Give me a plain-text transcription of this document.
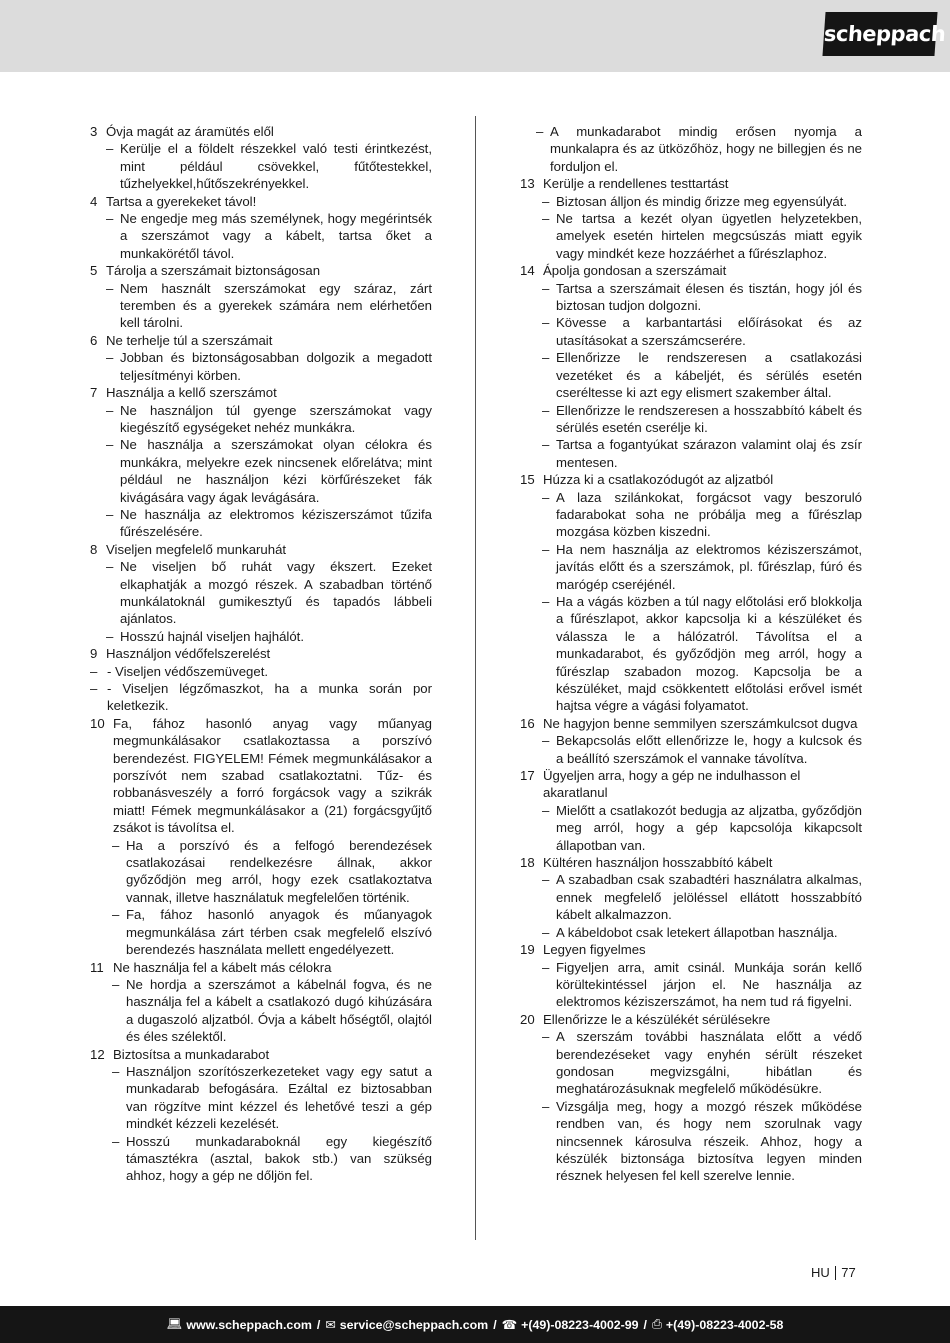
scheppach
3 Óvja magát az áramütés elől
– Kerülje el a földelt részekkel való testi érintkezést, mint például csövekkel, fűtőtestekkel, tűzhelyekkel,hűtőszekrényekkel.
4 Tartsa a gyerekeket távol!
– Ne engedje meg más személynek, hogy megérintsék a szerszámot vagy a kábelt, tartsa őket a munkakörétől távol.
5 Tárolja a szerszámait biztonságosan
– Nem használt szerszámokat egy száraz, zárt teremben és a gyerekek számára nem elérhetően kell tárolni.
6 Ne terhelje túl a szerszámait
– Jobban és biztonságosabban dolgozik a megadott teljesítményi körben.
7 Használja a kellő szerszámot
– Ne használjon túl gyenge szerszámokat vagy kiegészítő egységeket nehéz munkákra.
– Ne használja a szerszámokat olyan célokra és munkákra, melyekre ezek nincsenek előrelátva; mint például ne használjon kézi körfűrészeket fák kivágására vagy ágak levágására.
– Ne használja az elektromos kéziszerszámot tűzifa fűrészelésére.
8 Viseljen megfelelő munkaruhát
– Ne viseljen bő ruhát vagy ékszert. Ezeket elkaphatják a mozgó részek. A szabadban történő munkálatoknál gumikesztyű és tapadós lábbeli ajánlatos.
– Hosszú hajnál viseljen hajhálót.
9 Használjon védőfelszerelést
– - Viseljen védőszemüveget.
– - Viseljen légzőmaszkot, ha a munka során por keletkezik.
10 Fa, fához hasonló anyag vagy műanyag megmunkálásakor csatlakoztassa a porszívó berendezést. FIGYELEM! Fémek megmunkálásakor a porszívót nem szabad csatlakoztatni. Tűz- és robbanásveszély a forró forgácsok vagy a szikrák miatt! Fémek megmunkálásakor a (21) forgácsgyűjtő zsákot is távolítsa el.
– Ha a porszívó és a felfogó berendezések csatlakozásai rendelkezésre állnak, akkor győződjön meg arról, hogy ezek csatlakoztatva vannak, illetve használatuk megfelelően történik.
– Fa, fához hasonló anyagok és műanyagok megmunkálása zárt térben csak megfelelő elszívó berendezés használata mellett engedélyezett.
11 Ne használja fel a kábelt más célokra
– Ne hordja a szerszámot a kábelnál fogva, és ne használja fel a kábelt a csatlakozó dugó kihúzására a dugaszoló aljzatból. Óvja a kábelt hőségtől, olajtól és éles szélektől.
12 Biztosítsa a munkadarabot
– Használjon szorítószerkezeteket vagy egy satut a munkadarab befogására. Ezáltal ez biztosabban van rögzítve mint kézzel és lehetővé teszi a gép mindkét kézzeli kezelését.
– Hosszú munkadaraboknál egy kiegészítő támasztékra (asztal, bakok stb.) van szükség ahhoz, hogy a gép ne dőljön fel.
– A munkadarabot mindig erősen nyomja a munkalapra és az ütközőhöz, hogy ne billegjen és ne forduljon el.
13 Kerülje a rendellenes testtartást
– Biztosan álljon és mindig őrizze meg egyensúlyát.
– Ne tartsa a kezét olyan ügyetlen helyzetekben, amelyek esetén hirtelen megcsúszás miatt egyik vagy mindkét keze hozzáérhet a fűrészlaphoz.
14 Ápolja gondosan a szerszámait
– Tartsa a szerszámait élesen és tisztán, hogy jól és biztosan tudjon dolgozni.
– Kövesse a karbantartási előírásokat és az utasításokat a szerszámcserére.
– Ellenőrizze le rendszeresen a csatlakozási vezetéket és a kábeljét, és sérülés esetén cseréltesse ki azt egy elismert szakember által.
– Ellenőrizze le rendszeresen a hosszabbító kábelt és sérülés esetén cserélje ki.
– Tartsa a fogantyúkat szárazon valamint olaj és zsír mentesen.
15 Húzza ki a csatlakozódugót az aljzatból
– A laza szilánkokat, forgácsot vagy beszoruló fadarabokat soha ne próbálja meg a fűrészlap mozgása közben kiszedni.
– Ha nem használja az elektromos kéziszerszámot, javítás előtt és a szerszámok, pl. fűrészlap, fúró és marógép cseréjénél.
– Ha a vágás közben a túl nagy előtolási erő blokkolja a fűrészlapot, akkor kapcsolja ki a készüléket és válassza le a hálózatról. Távolítsa el a munkadarabot, és győződjön meg arról, hogy a fűrészlap szabadon mozog. Kapcsolja be a készüléket, majd csökkentett előtolási erővel ismét hajtsa végre a vágási folyamatot.
16 Ne hagyjon benne semmilyen szerszámkulcsot dugva
– Bekapcsolás előtt ellenőrizze le, hogy a kulcsok és a beállító szerszámok el vannake távolítva.
17 Ügyeljen arra, hogy a gép ne indulhasson el akaratlanul
– Mielőtt a csatlakozót bedugja az aljzatba, győződjön meg arról, hogy a gép kapcsolója kikapcsolt állapotban van.
18 Kültéren használjon hosszabbító kábelt
– A szabadban csak szabadtéri használatra alkalmas, ennek megfelelő jelöléssel ellátott hosszabbító kábelt alkalmazzon.
– A kábeldobot csak letekert állapotban használja.
19 Legyen figyelmes
– Figyeljen arra, amit csinál. Munkája során kellő körültekintéssel járjon el. Ne használja az elektromos kéziszerszámot, ha nem tud rá figyelni.
20 Ellenőrizze le a készülékét sérülésekre
– A szerszám további használata előtt a védő berendezéseket vagy enyhén sérült részeket gondosan megvizsgálni, hibátlan és meghatározásuknak megfelelő működésükre.
– Vizsgálja meg, hogy a mozgó részek működése rendben van, és hogy nem szorulnak vagy nincsennek károsulva részeik. Ahhoz, hogy a készülék biztonsága biztosítva legyen minden résznek helyesen fel kell szerelve lennie.
HU 77
💻︎ www.scheppach.com / ✉︎ service@scheppach.com / ☎︎ +(49)-08223-4002-99 / ⎙︎ +(49)-08223-4002-58
